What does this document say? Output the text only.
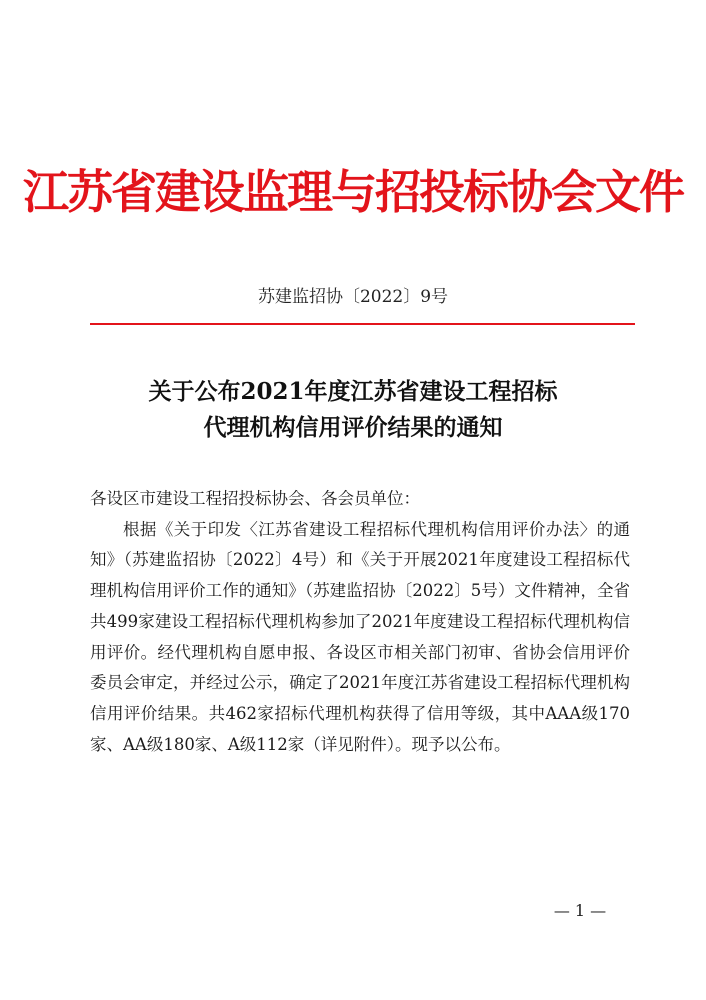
江苏省建设监理与招投标协会文件
苏建监招协〔2022〕9号
关于公布2021年度江苏省建设工程招标
代理机构信用评价结果的通知

各设区市建设工程招投标协会、各会员单位：

根据《关于印发〈江苏省建设工程招标代理机构信用评价办法〉的通知》（苏建监招协〔2022〕4号）和《关于开展2021年度建设工程招标代理机构信用评价工作的通知》（苏建监招协〔2022〕5号）文件精神，全省共499家建设工程招标代理机构参加了2021年度建设工程招标代理机构信用评价。经代理机构自愿申报、各设区市相关部门初审、省协会信用评价委员会审定，并经过公示，确定了2021年度江苏省建设工程招标代理机构信用评价结果。共462家招标代理机构获得了信用等级，其中AAA级170家、AA级180家、A级112家（详见附件）。现予以公布。

— 1 —
